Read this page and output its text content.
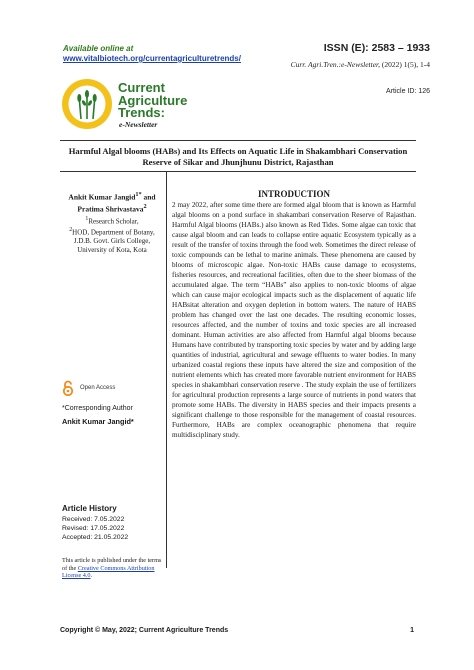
Available online at
www.vitalbiotech.org/currentagriculturetrends/
ISSN (E): 2583 – 1933
Curr. Agri.Tren.:e-Newsletter, (2022) 1(5), 1-4
Current
Agriculture
Trends:
e-Newsletter
Article ID: 126
Harmful Algal blooms (HABs) and Its Effects on Aquatic Life in Shakambhari Conservation Reserve of Sikar and Jhunjhunu District, Rajasthan
Ankit Kumar Jangid$^{1*}$ and
Pratima Shrivastava$^2$
$^1$Research Scholar,
$^2$HOD, Department of Botany,
J.D.B. Govt. Girls College,
University of Kota, Kota
Open Access
*Corresponding Author
Ankit Kumar Jangid*
Article History
Received: 7.05.2022
Revised: 17.05.2022
Accepted: 21.05.2022
This article is published under the terms of the Creative Commons Attribution License 4.0.
INTRODUCTION
2 may 2022, after some time there are formed algal bloom that is known as Harmful algal blooms on a pond surface in shakambari conservation Reserve of Rajasthan. Harmful Algal blooms (HABs.) also known as Red Tides. Some algae can toxic that cause algal bloom and can leads to collapse entire aquatic Ecosystem typically as a result of the transfer of toxins through the food web. Sometimes the direct release of toxic compounds can be lethal to marine animals. These phenomena are caused by blooms of microscopic algae. Non-toxic HABs cause damage to ecosystems, fisheries resources, and recreational facilities, often due to the sheer biomass of the accumulated algae. The term “HABs” also applies to non-toxic blooms of algae which can cause major ecological impacts such as the displacement of aquatic life HABsitat alteration and oxygen depletion in bottom waters. The nature of HABS problem has changed over the last one decades. The resulting economic losses, resources affected, and the number of toxins and toxic species are all increased dominant. Human activities are also affected from Harmful algal blooms because Humans have contributed by transporting toxic species by water and by adding large quantities of industrial, agricultural and sewage effluents to water bodies. In many urbanized coastal regions these inputs have altered the size and composition of the nutrient elements which has created more favorable nutrient environment for HABS species in shakambhari conservation reserve . The study explain the use of fertilizers for agricultural production represents a large source of nutrients in pond waters that promote some HABs. The diversity in HABS species and their impacts presents a significant challenge to those responsible for the management of coastal resources. Furthermore, HABs are complex oceanographic phenomena that require multidisciplinary study.
Copyright © May, 2022; Current Agriculture Trends	1
